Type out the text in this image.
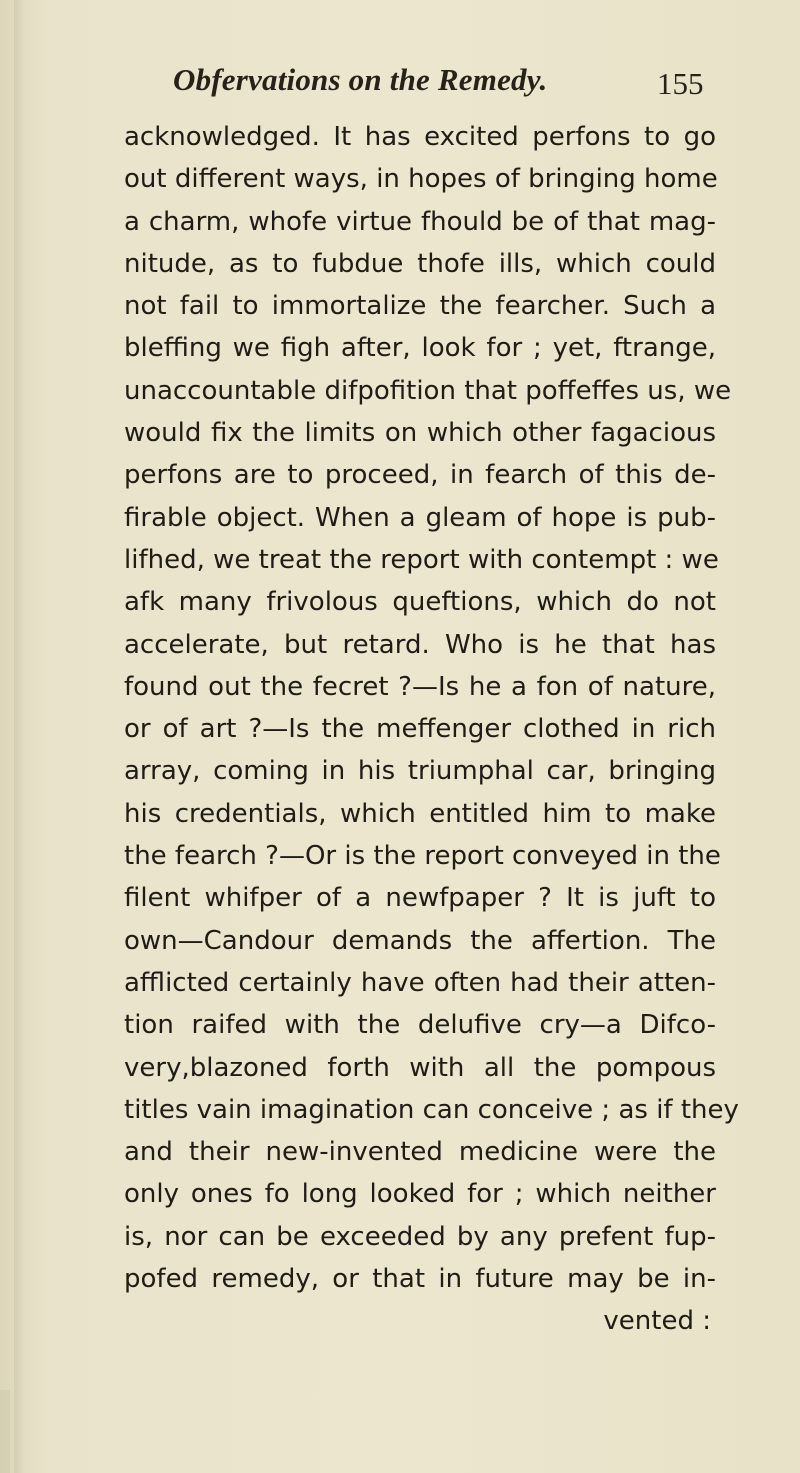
Obfervations on the Remedy.	155
acknowledged. It has excited perfons to go
out different ways, in hopes of bringing home
a charm, whofe virtue fhould be of that mag-
nitude, as to fubdue thofe ills, which could
not fail to immortalize the fearcher. Such a
bleffing we figh after, look for ; yet, ftrange,
unaccountable difpofition that poffeffes us, we
would fix the limits on which other fagacious
perfons are to proceed, in fearch of this de-
firable object. When a gleam of hope is pub-
lifhed, we treat the report with contempt : we
afk many frivolous queftions, which do not
accelerate, but retard. Who is he that has
found out the fecret ?—Is he a fon of nature,
or of art ?—Is the meffenger clothed in rich
array, coming in his triumphal car, bringing
his credentials, which entitled him to make
the fearch ?—Or is the report conveyed in the
filent whifper of a newfpaper ? It is juft to
own—Candour demands the affertion. The
afflicted certainly have often had their atten-
tion raifed with the delufive cry—a Difco-
very,blazoned forth with all the pompous
titles vain imagination can conceive ; as if they
and their new-invented medicine were the
only ones fo long looked for ; which neither
is, nor can be exceeded by any prefent fup-
pofed remedy, or that in future may be in-
vented :
